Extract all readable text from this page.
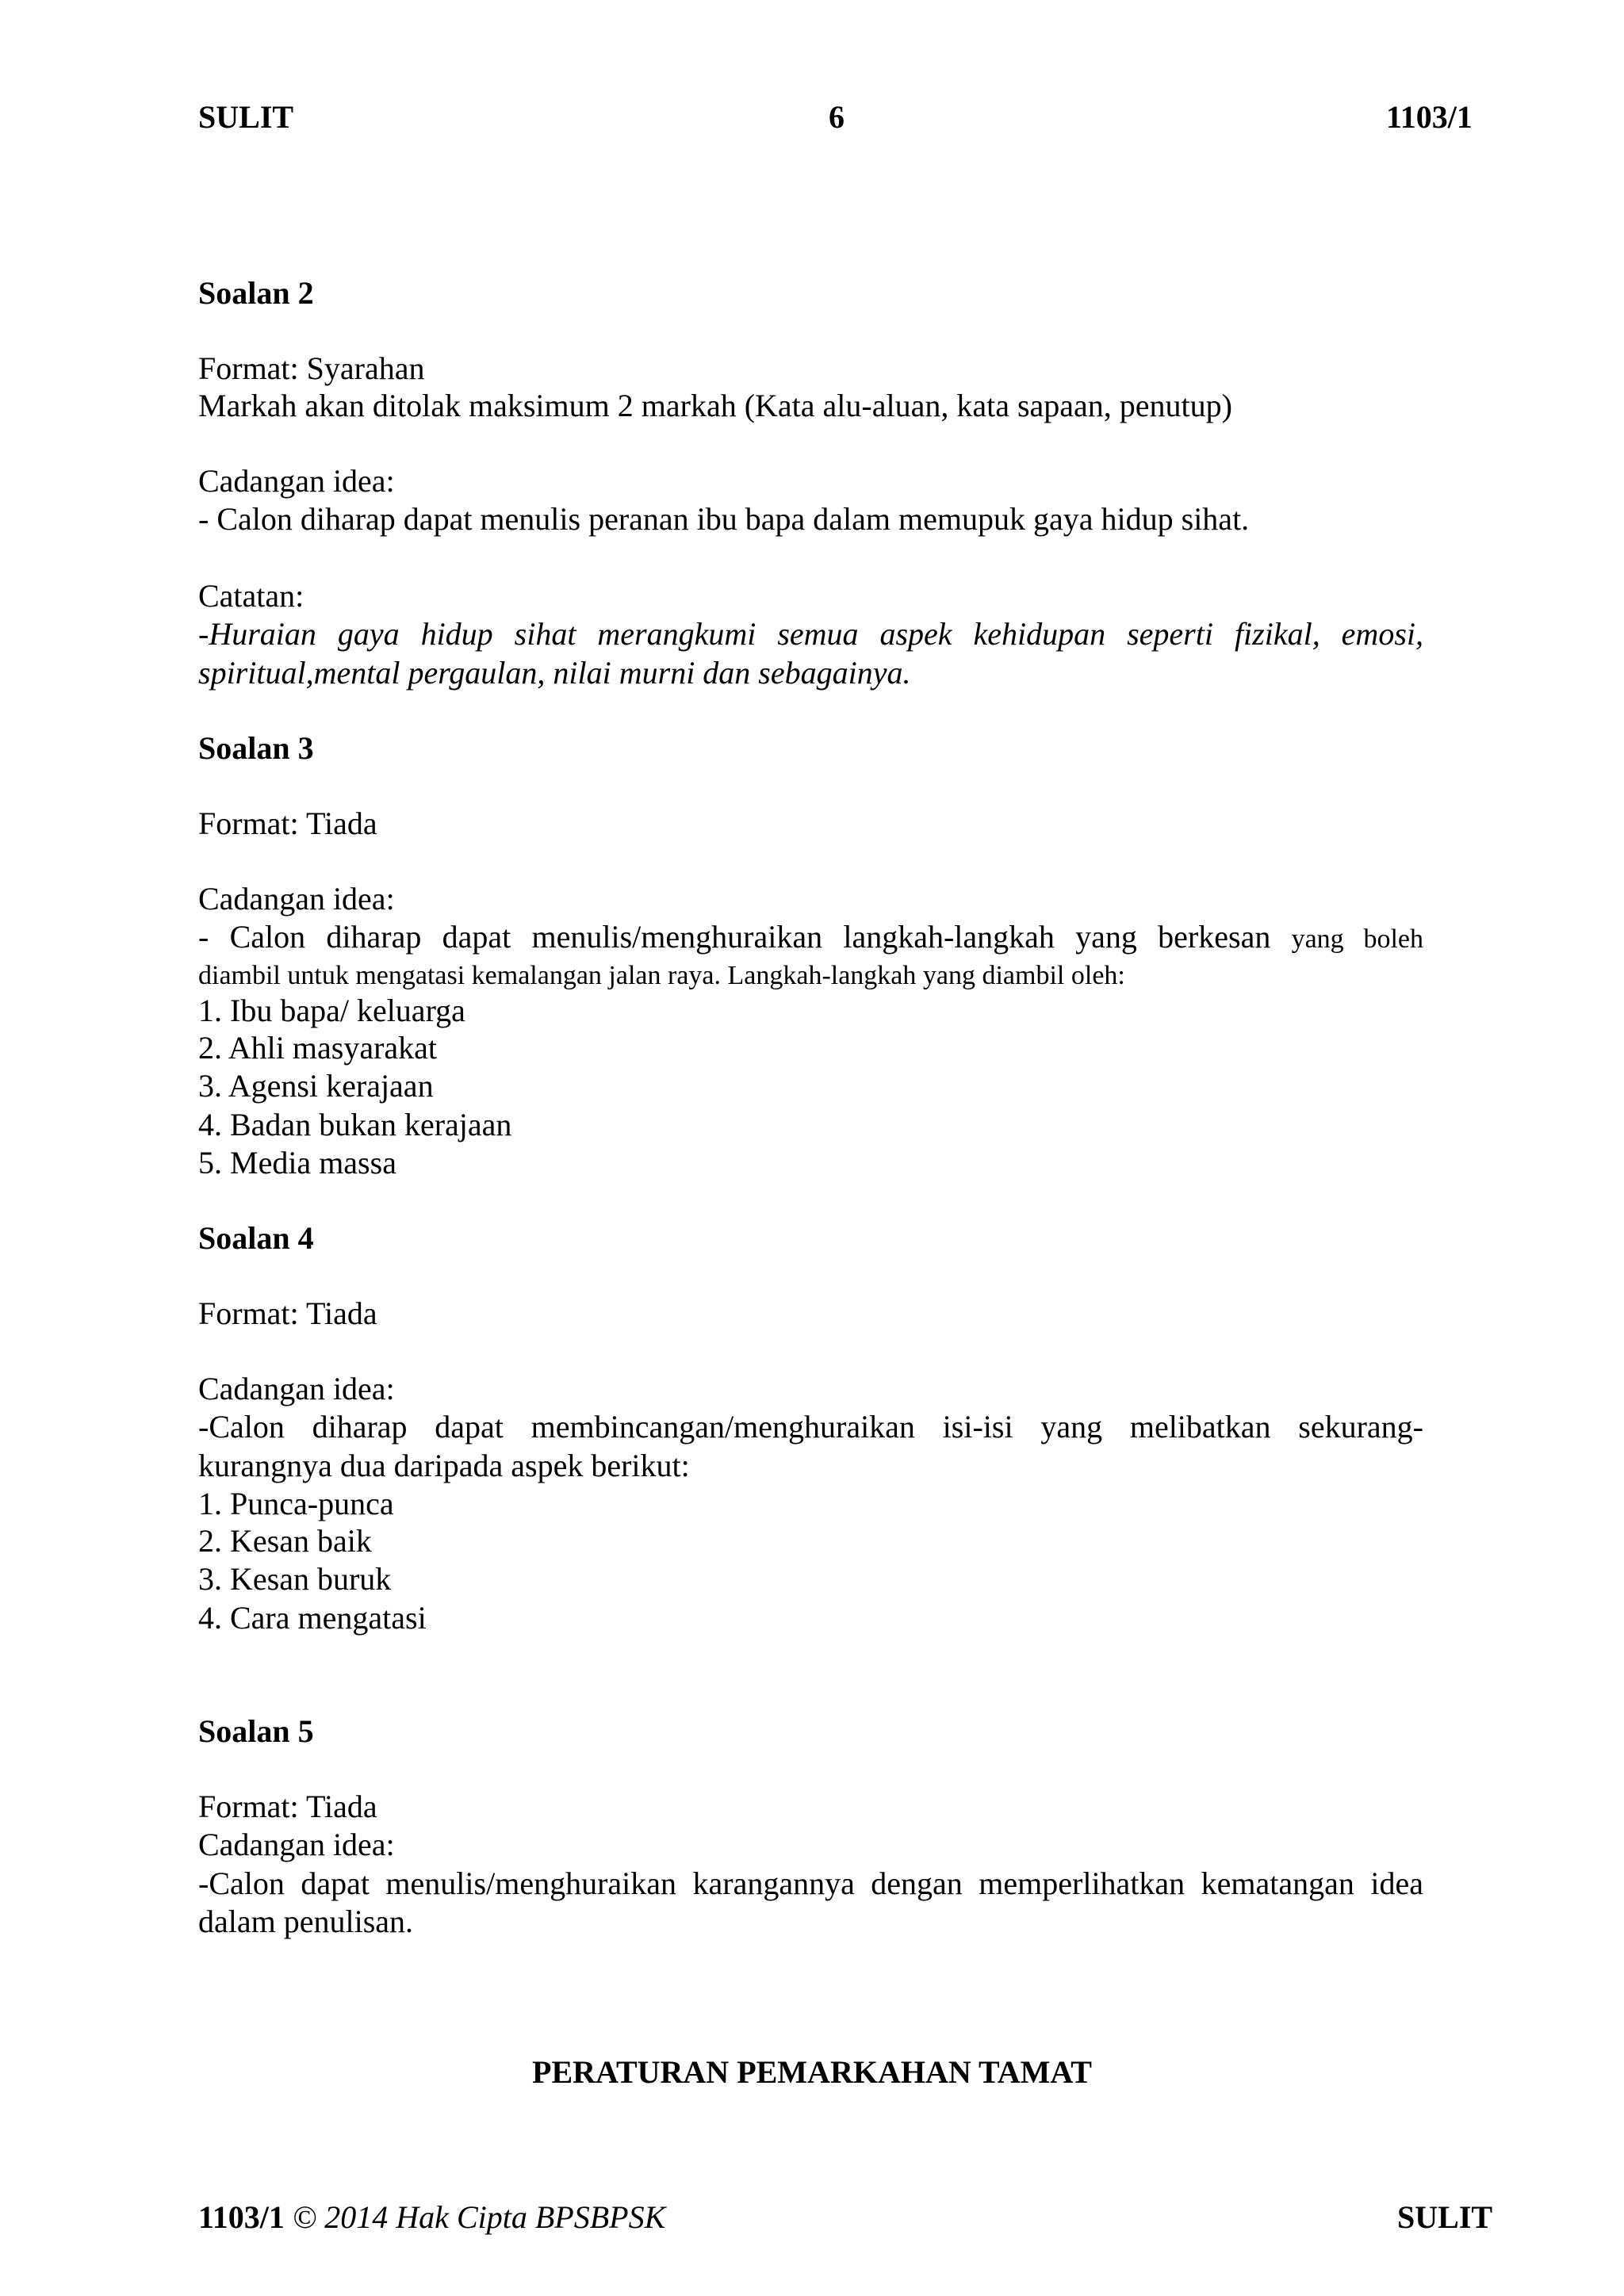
SULIT	6	1103/1
Soalan 2
Format: Syarahan
Markah akan ditolak maksimum 2 markah (Kata alu-aluan, kata sapaan, penutup)
Cadangan idea:
- Calon diharap dapat menulis peranan ibu bapa dalam memupuk gaya hidup sihat.
Catatan:
-Huraian gaya hidup sihat merangkumi semua aspek kehidupan seperti fizikal, emosi,
spiritual,mental pergaulan, nilai murni dan sebagainya.
Soalan 3
Format: Tiada
Cadangan idea:
- Calon diharap dapat menulis/menghuraikan langkah-langkah yang berkesan yang boleh
diambil untuk mengatasi kemalangan jalan raya. Langkah-langkah yang diambil oleh:
1. Ibu bapa/ keluarga
2. Ahli masyarakat
3. Agensi kerajaan
4. Badan bukan kerajaan
5. Media massa
Soalan 4
Format: Tiada
Cadangan idea:
-Calon diharap dapat membincangan/menghuraikan isi-isi yang melibatkan sekurang-
kurangnya dua daripada aspek berikut:
1. Punca-punca
2. Kesan baik
3. Kesan buruk
4. Cara mengatasi
Soalan 5
Format: Tiada
Cadangan idea:
-Calon dapat menulis/menghuraikan karangannya dengan memperlihatkan kematangan idea
dalam penulisan.
PERATURAN PEMARKAHAN TAMAT
1103/1 © 2014 Hak Cipta BPSBPSK	SULIT
